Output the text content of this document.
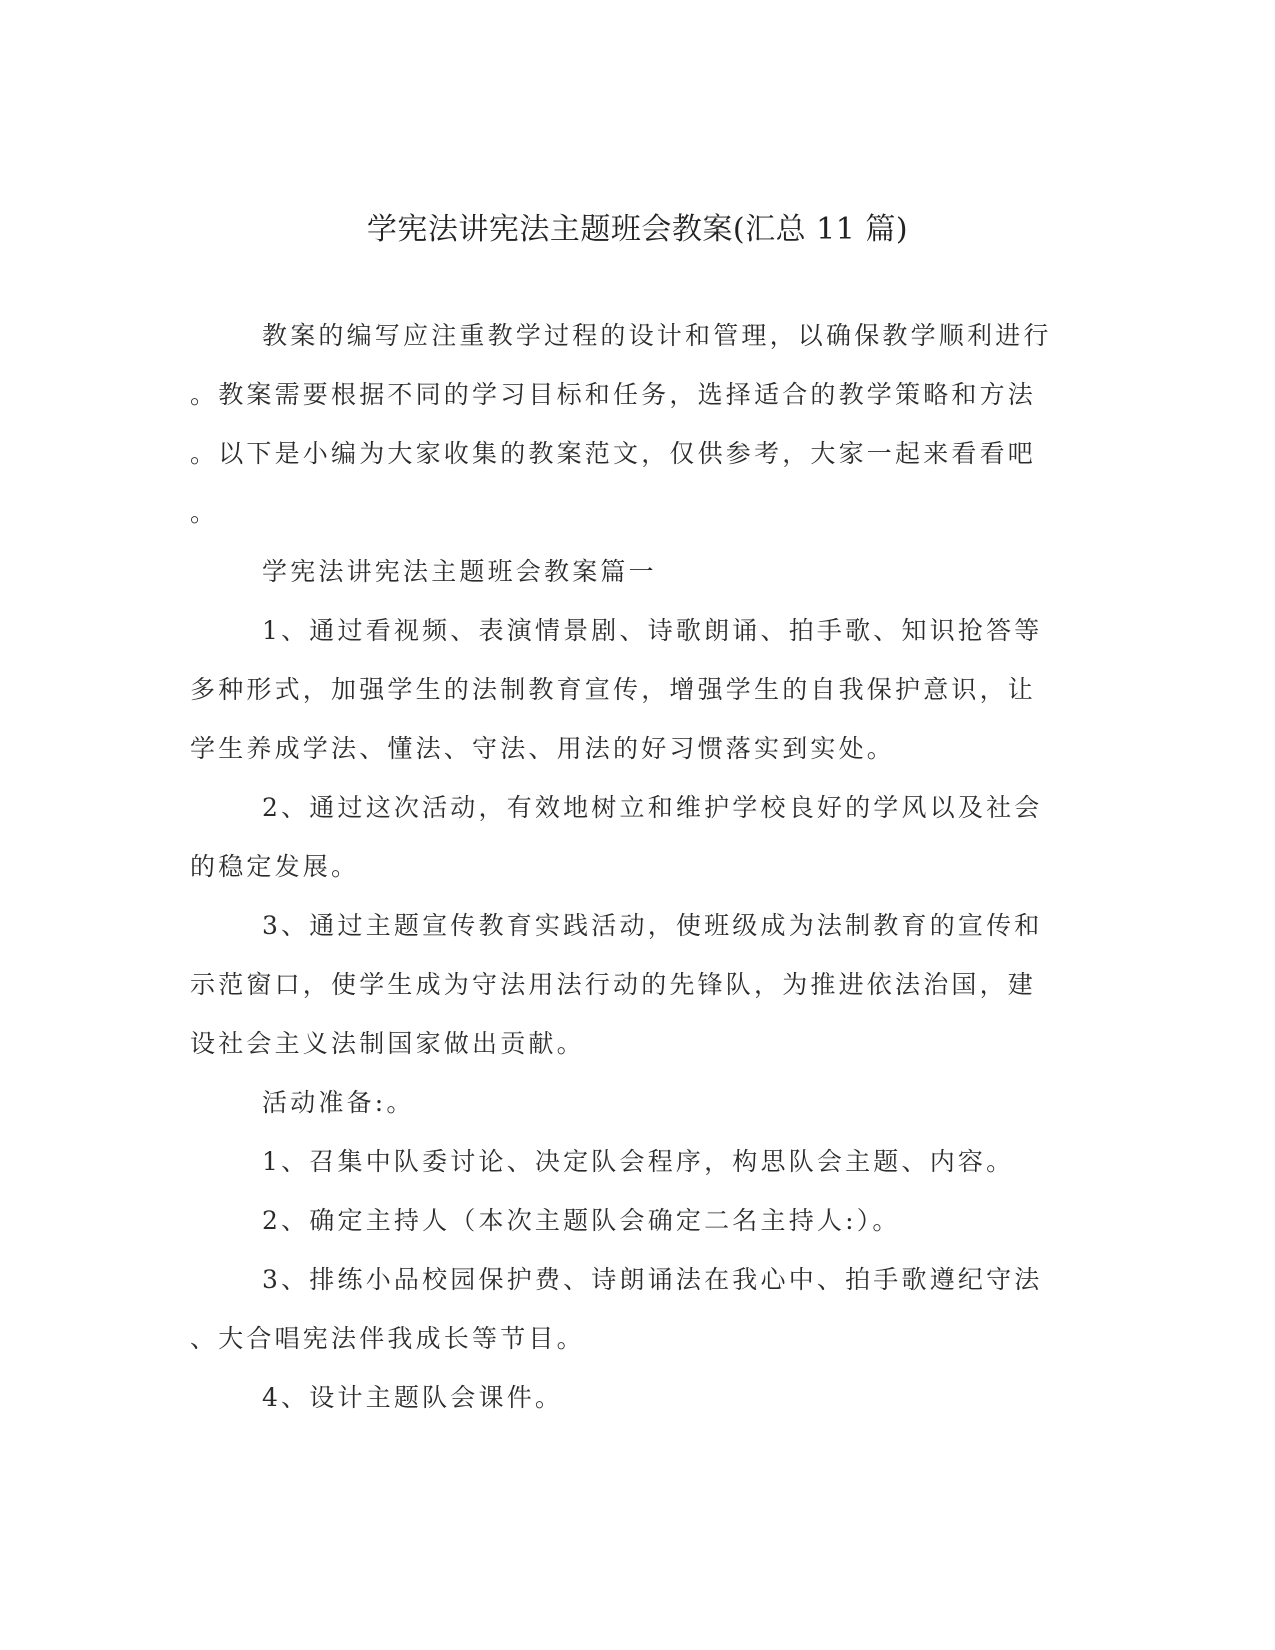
学宪法讲宪法主题班会教案(汇总 11 篇)
教案的编写应注重教学过程的设计和管理，以确保教学顺利进行
。教案需要根据不同的学习目标和任务，选择适合的教学策略和方法
。以下是小编为大家收集的教案范文，仅供参考，大家一起来看看吧
。
学宪法讲宪法主题班会教案篇一
1、通过看视频、表演情景剧、诗歌朗诵、拍手歌、知识抢答等
多种形式，加强学生的法制教育宣传，增强学生的自我保护意识，让
学生养成学法、懂法、守法、用法的好习惯落实到实处。
2、通过这次活动，有效地树立和维护学校良好的学风以及社会
的稳定发展。
3、通过主题宣传教育实践活动，使班级成为法制教育的宣传和
示范窗口，使学生成为守法用法行动的先锋队，为推进依法治国，建
设社会主义法制国家做出贡献。
活动准备:。
1、召集中队委讨论、决定队会程序，构思队会主题、内容。
2、确定主持人（本次主题队会确定二名主持人:）。
3、排练小品校园保护费、诗朗诵法在我心中、拍手歌遵纪守法
、大合唱宪法伴我成长等节目。
4、设计主题队会课件。
